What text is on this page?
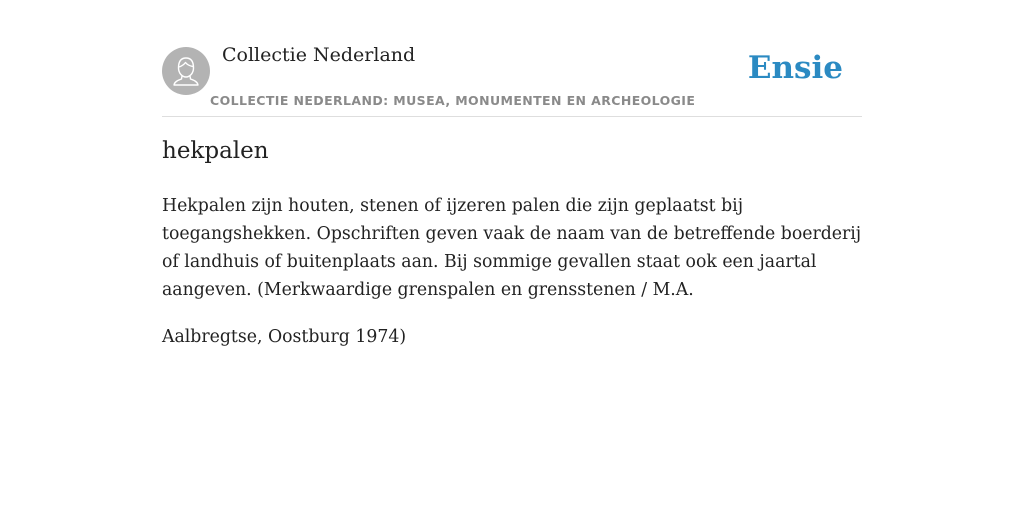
Collectie Nederland
COLLECTIE NEDERLAND: MUSEA, MONUMENTEN EN ARCHEOLOGIE
Ensie
hekpalen

Hekpalen zijn houten, stenen of ijzeren palen die zijn geplaatst bij toegangshekken. Opschriften geven vaak de naam van de betreffende boerderij of landhuis of buitenplaats aan. Bij sommige gevallen staat ook een jaartal aangeven. (Merkwaardige grenspalen en grensstenen / M.A.

Aalbregtse, Oostburg 1974)
